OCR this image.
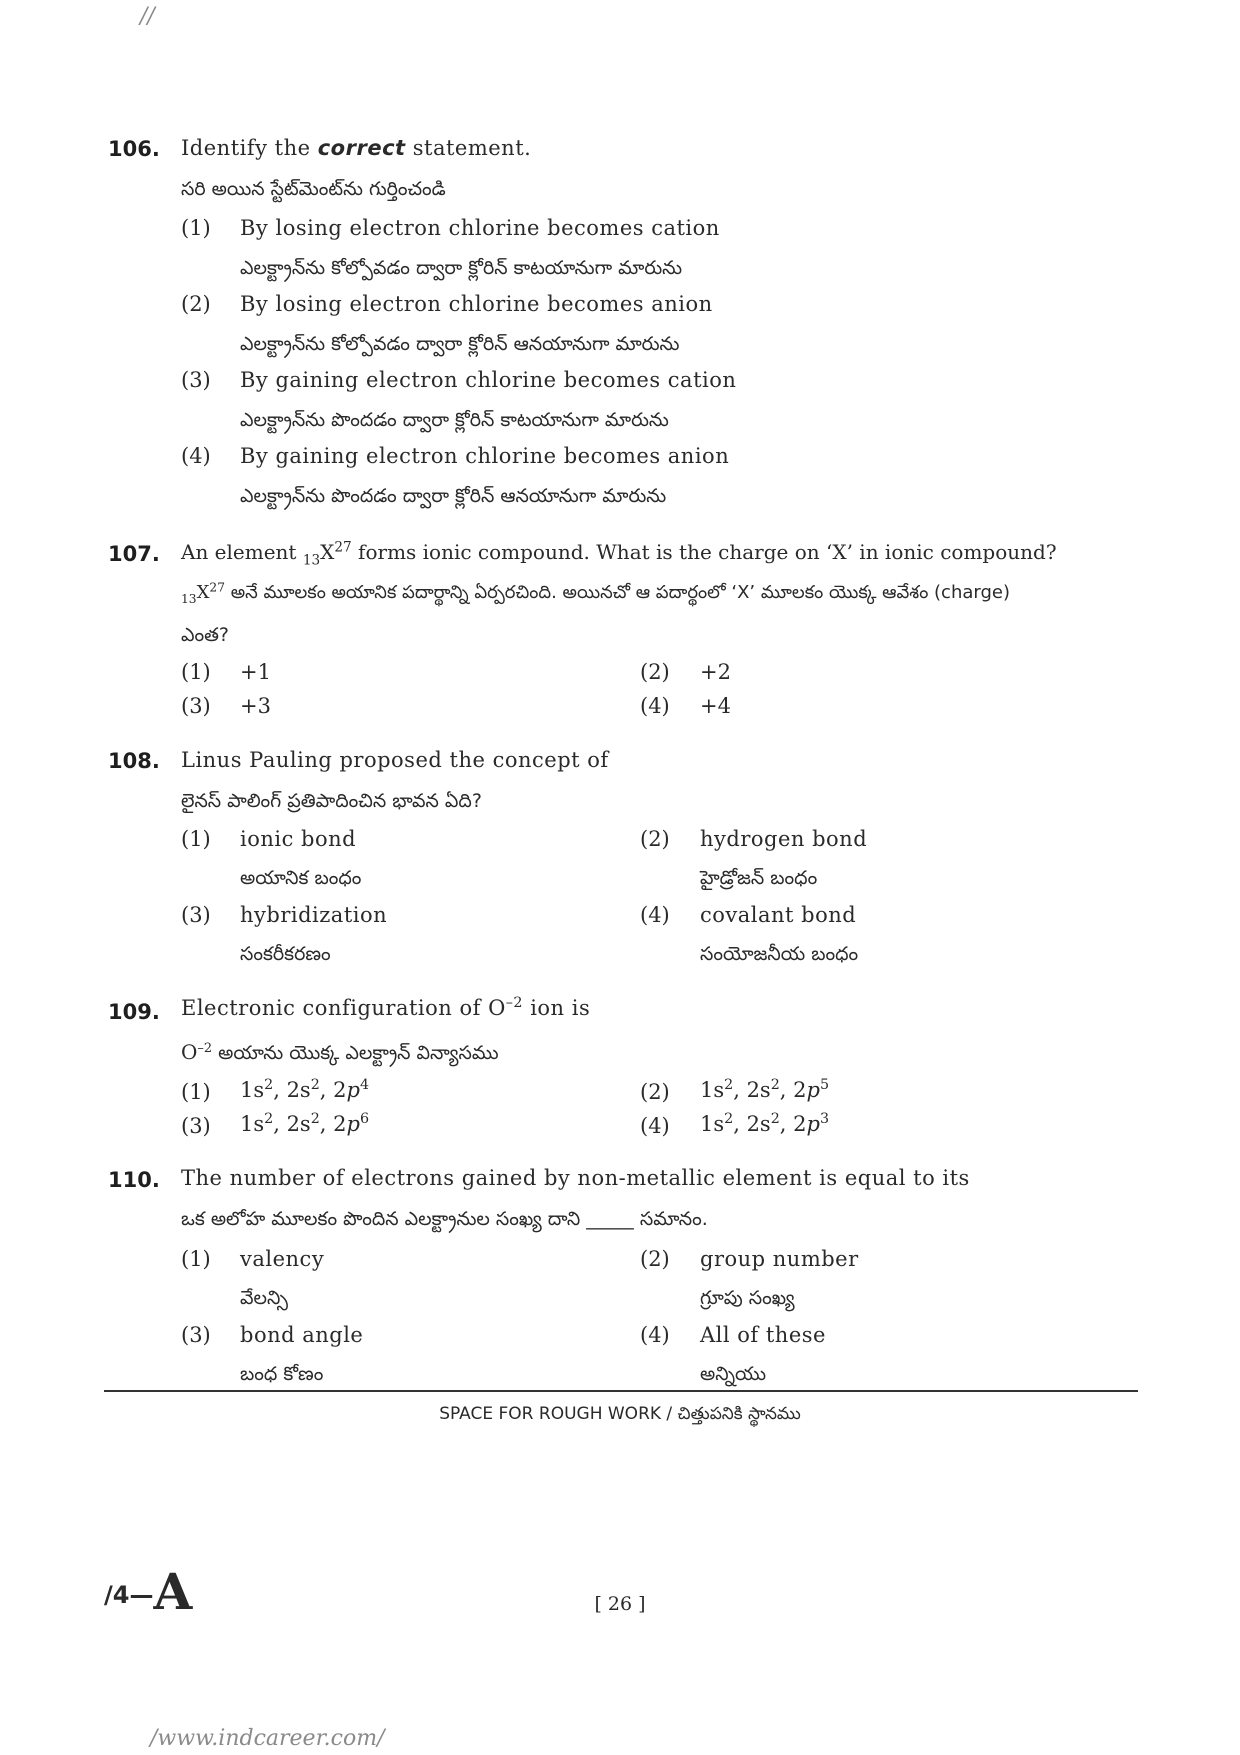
//
106. Identify the correct statement.
సరి అయిన స్టేట్‌మెంట్‌ను గుర్తించండి
(1) By losing electron chlorine becomes cation
ఎలక్ట్రాన్‌ను కోల్పోవడం ద్వారా క్లోరిన్ కాటయానుగా మారును
(2) By losing electron chlorine becomes anion
ఎలక్ట్రాన్‌ను కోల్పోవడం ద్వారా క్లోరిన్ ఆనయానుగా మారును
(3) By gaining electron chlorine becomes cation
ఎలక్ట్రాన్‌ను పొందడం ద్వారా క్లోరిన్ కాటయానుగా మారును
(4) By gaining electron chlorine becomes anion
ఎలక్ట్రాన్‌ను పొందడం ద్వారా క్లోరిన్ ఆనయానుగా మారును
107. An element $_{13}X^{27}$ forms ionic compound. What is the charge on ‘X’ in ionic compound?
$_{13}X^{27}$ అనే మూలకం అయానిక పదార్థాన్ని ఏర్పరచింది. అయినచో ఆ పదార్థంలో ‘X’ మూలకం యొక్క ఆవేశం (charge)
ఎంత?
(1) +1	(2) +2
(3) +3	(4) +4
108. Linus Pauling proposed the concept of
లైనస్ పాలింగ్ ప్రతిపాదించిన భావన ఏది?
(1) ionic bond
అయానిక బంధం
(2) hydrogen bond
హైడ్రోజన్ బంధం
(3) hybridization
సంకరీకరణం
(4) covalant bond
సంయోజనీయ బంధం
109. Electronic configuration of $O^{-2}$ ion is
$O^{-2}$ అయాను యొక్క ఎలక్ట్రాన్ విన్యాసము
(1) $1s^2$, $2s^2$, $2p^4$	(2) $1s^2$, $2s^2$, $2p^5$
(3) $1s^2$, $2s^2$, $2p^6$	(4) $1s^2$, $2s^2$, $2p^3$
110. The number of electrons gained by non-metallic element is equal to its
ఒక అలోహ మూలకం పొందిన ఎలక్ట్రానుల సంఖ్య దాని _____ సమానం.
(1) valency
వేలన్సి
(2) group number
గ్రూపు సంఖ్య
(3) bond angle
బంధ కోణం
(4) All of these
అన్నియు
SPACE FOR ROUGH WORK / చిత్తుపనికి స్థానము
/4—A	[ 26 ]
/www.indcareer.com/
